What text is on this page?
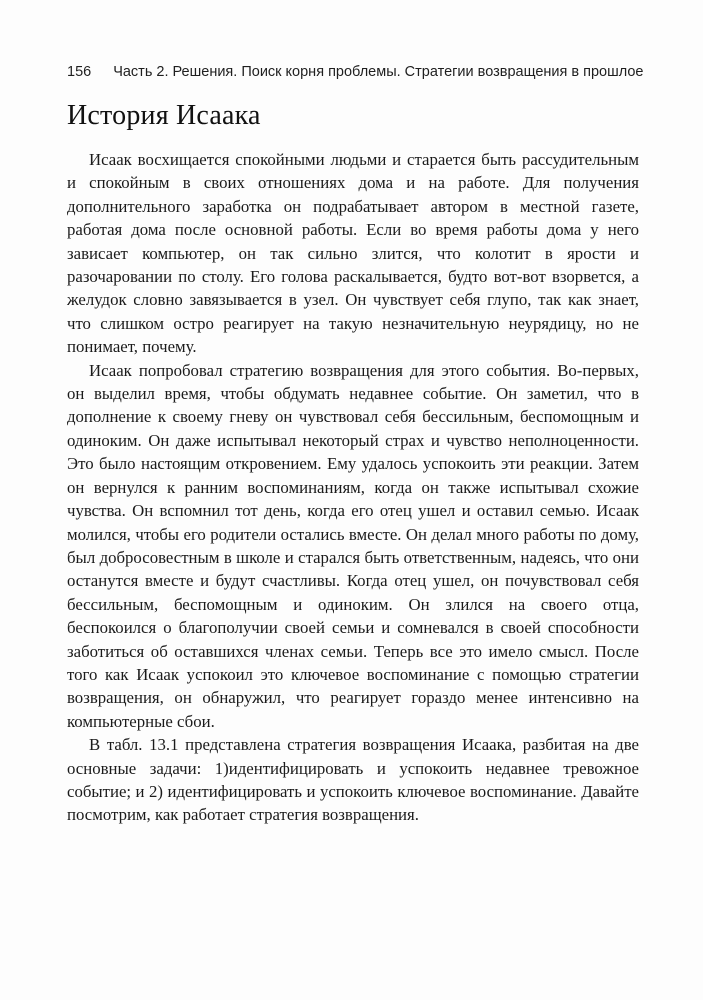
156 Часть 2. Решения. Поиск корня проблемы. Стратегии возвращения в прошлое
История Исаака

Исаак восхищается спокойными людьми и старается быть рассудительным и спокойным в своих отношениях дома и на работе. Для получения дополнительного заработка он подрабатывает автором в местной газете, работая дома после основной работы. Если во время работы дома у него зависает компьютер, он так сильно злится, что колотит в ярости и разочаровании по столу. Его голова раскалывается, будто вот-вот взорвется, а желудок словно завязывается в узел. Он чувствует себя глупо, так как знает, что слишком остро реагирует на такую незначительную неурядицу, но не понимает, почему.

Исаак попробовал стратегию возвращения для этого события. Во-первых, он выделил время, чтобы обдумать недавнее событие. Он заметил, что в дополнение к своему гневу он чувствовал себя бессильным, беспомощным и одиноким. Он даже испытывал некоторый страх и чувство неполноценности. Это было настоящим откровением. Ему удалось успокоить эти реакции. Затем он вернулся к ранним воспоминаниям, когда он также испытывал схожие чувства. Он вспомнил тот день, когда его отец ушел и оставил семью. Исаак молился, чтобы его родители остались вместе. Он делал много работы по дому, был добросовестным в школе и старался быть ответственным, надеясь, что они останутся вместе и будут счастливы. Когда отец ушел, он почувствовал себя бессильным, беспомощным и одиноким. Он злился на своего отца, беспокоился о благополучии своей семьи и сомневался в своей способности заботиться об оставшихся членах семьи. Теперь все это имело смысл. После того как Исаак успокоил это ключевое воспоминание с помощью стратегии возвращения, он обнаружил, что реагирует гораздо менее интенсивно на компьютерные сбои.

В табл. 13.1 представлена стратегия возвращения Исаака, разбитая на две основные задачи: 1)идентифицировать и успокоить недавнее тревожное событие; и 2) идентифицировать и успокоить ключевое воспоминание. Давайте посмотрим, как работает стратегия возвращения.
